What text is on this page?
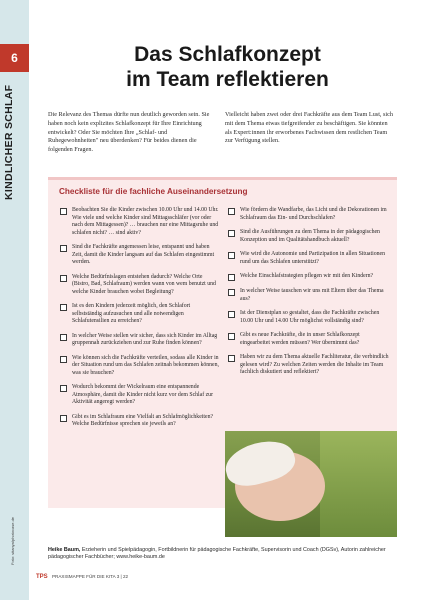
6
KINDLICHER SCHLAF
Foto: vitanya/photocase.de
Das Schlafkonzept
im Team reflektieren
Die Relevanz des Themas dürfte nun deutlich geworden sein. Sie haben noch kein explizites Schlafkonzept für Ihre Einrichtung entwickelt? Oder Sie möchten Ihre „Schlaf- und Ruhegewohnheiten" neu überdenken? Für beides dienen die folgenden Fragen.
Vielleicht haben zwei oder drei Fachkräfte aus dem Team Lust, sich mit dem Thema etwas tiefgreifender zu beschäftigen. Sie könnten als Expert:innen ihr erworbenes Fachwissen dem restlichen Team zur Verfügung stellen.
Checkliste für die fachliche Auseinandersetzung
Beobachten Sie die Kinder zwischen 10.00 Uhr und 14.00 Uhr. Wie viele und welche Kinder sind Mittagsschläfer (vor oder nach dem Mittagessen)? … brauchen nur eine Mittagsruhe und schlafen nicht? … sind aktiv?
Sind die Fachkräfte angemessen leise, entspannt und haben Zeit, damit die Kinder langsam auf das Schlafen eingestimmt werden.
Welche Bedürfnislagen entstehen dadurch? Welche Orte (Bistro, Bad, Schlafraum) werden wann von wem benutzt und welche Kinder brauchen wobei Begleitung?
Ist es den Kindern jederzeit möglich, den Schlafort selbstständig aufzusuchen und alle notwendigen Schlafutensilien zu erreichen?
In welcher Weise stellen wir sicher, dass sich Kinder im Alltag gruppennah zurückziehen und zur Ruhe finden können?
Wie können sich die Fachkräfte verteilen, sodass alle Kinder in der Situation rund um das Schlafen zeitnah bekommen können, was sie brauchen?
Wodurch bekommt der Wickelraum eine entspannende Atmosphäre, damit die Kinder nicht kurz vor dem Schlaf zur Aktivität angeregt werden?
Gibt es im Schlafraum eine Vielfalt an Schlafmöglichkeiten? Welche Bedürfnisse sprechen sie jeweils an?
Wie fördern die Wandfarbe, das Licht und die Dekorationen im Schlafraum das Ein- und Durchschlafen?
Sind die Ausführungen zu dem Thema in der pädagogischen Konzeption und im Qualitätshandbuch aktuell?
Wie wird die Autonomie und Partizipation in allen Situationen rund um das Schlafen unterstützt?
Welche Einschlafstrategien pflegen wir mit den Kindern?
In welcher Weise tauschen wir uns mit Eltern über das Thema aus?
Ist der Dienstplan so gestaltet, dass die Fachkräfte zwischen 10.00 Uhr und 14.00 Uhr möglichst vollständig sind?
Gibt es neue Fachkräfte, die in unser Schlafkonzept eingearbeitet werden müssen? Wer übernimmt das?
Haben wir zu dem Thema aktuelle Fachliteratur, die verbindlich gelesen wird? Zu welchen Zeiten werden die Inhalte im Team fachlich diskutiert und reflektiert?
Heike Baum, Erzieherin und Spielpädagogin, Fortbildnerin für pädagogische Fachkräfte, Supervisorin und Coach (DGSv), Autorin zahlreicher pädagogischer Fachbücher; www.heike-baum.de
TPS PRAXISMAPPE FÜR DIE KITA 3 | 22
